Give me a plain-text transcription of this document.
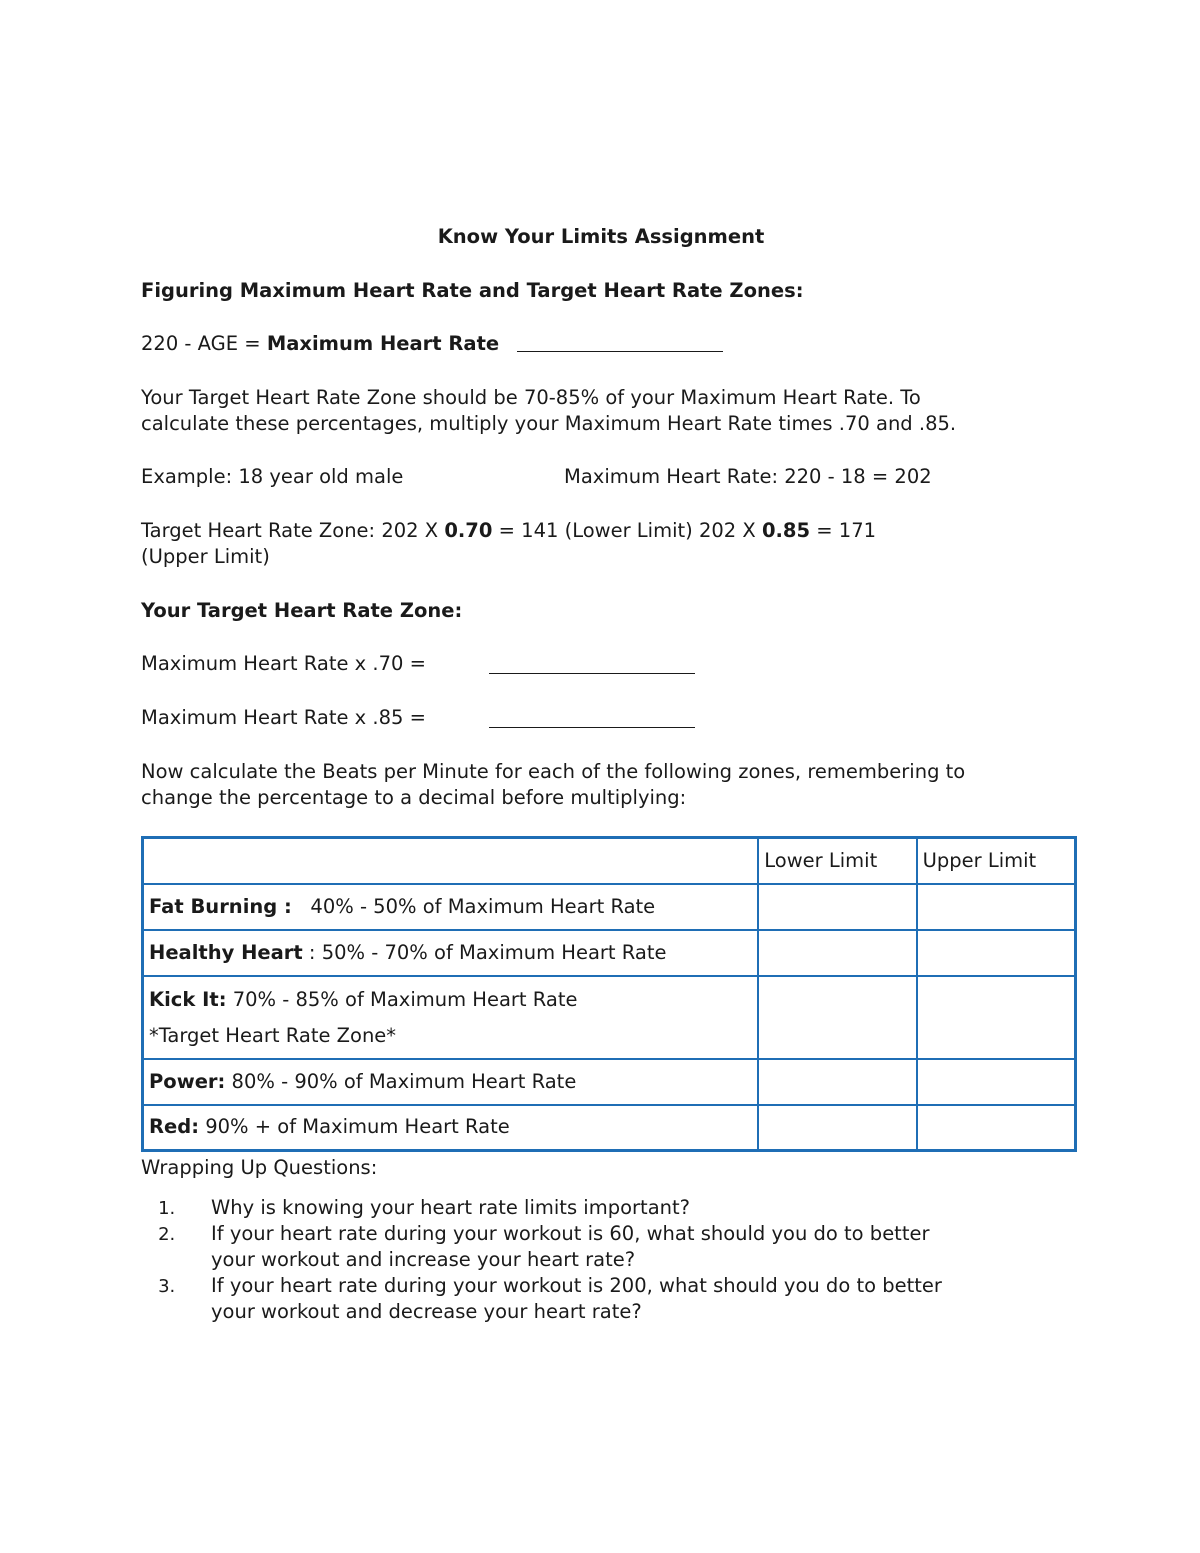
Know Your Limits Assignment
Figuring Maximum Heart Rate and Target Heart Rate Zones:
220 - AGE = Maximum Heart Rate
Your Target Heart Rate Zone should be 70-85% of your Maximum Heart Rate. To
calculate these percentages, multiply your Maximum Heart Rate times .70 and .85.
Example: 18 year old male	Maximum Heart Rate: 220 - 18 = 202
Target Heart Rate Zone: 202 X 0.70 = 141 (Lower Limit) 202 X 0.85 = 171
(Upper Limit)
Your Target Heart Rate Zone:
Maximum Heart Rate x .70 =
Maximum Heart Rate x .85 =
Now calculate the Beats per Minute for each of the following zones, remembering to
change the percentage to a decimal before multiplying:
	Lower Limit	Upper Limit
Fat Burning :   40% - 50% of Maximum Heart Rate		
Healthy Heart : 50% - 70% of Maximum Heart Rate		
Kick It: 70% - 85% of Maximum Heart Rate
*Target Heart Rate Zone*		
Power: 80% - 90% of Maximum Heart Rate		
Red: 90% + of Maximum Heart Rate		
Wrapping Up Questions:
1. Why is knowing your heart rate limits important?
2. If your heart rate during your workout is 60, what should you do to better
your workout and increase your heart rate?
3. If your heart rate during your workout is 200, what should you do to better
your workout and decrease your heart rate?
